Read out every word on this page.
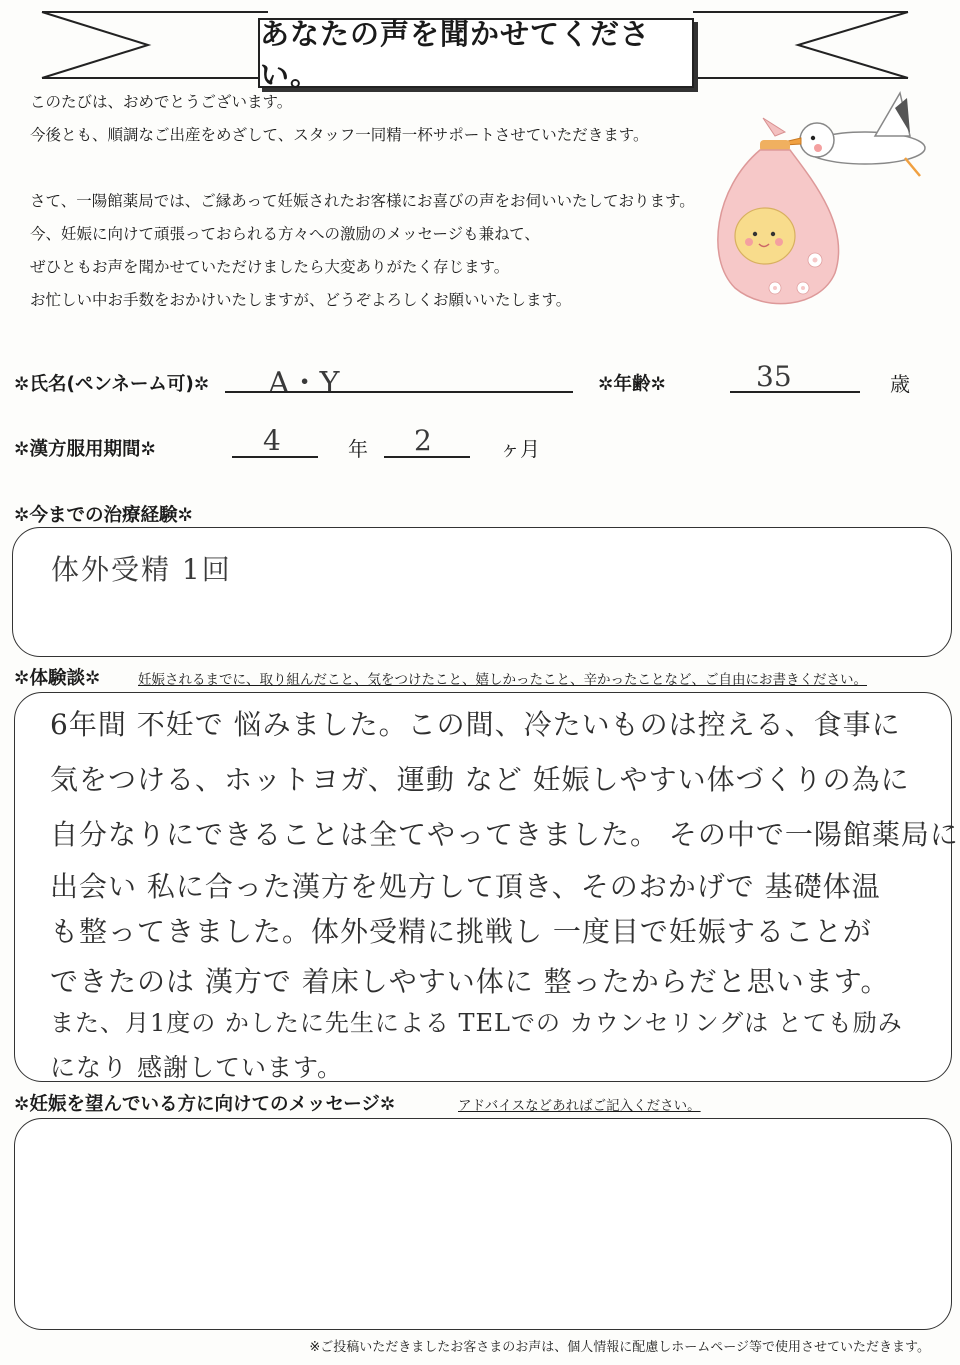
あなたの声を聞かせてください。
このたびは、おめでとうございます。
今後とも、順調なご出産をめざして、スタッフ一同精一杯サポートさせていただきます。
さて、一陽館薬局では、ご縁あって妊娠されたお客様にお喜びの声をお伺いいたしております。
今、妊娠に向けて頑張っておられる方々への激励のメッセージも兼ねて、
ぜひともお声を聞かせていただけましたら大変ありがたく存じます。
お忙しい中お手数をおかけいたしますが、どうぞよろしくお願いいたします。
✲氏名(ペンネーム可)✲ A・Y	✲年齢✲	35	歳
✲漢方服用期間✲	4	年 2	ヶ月
✲今までの治療経験✲
体外受精 1回
✲体験談✲	妊娠されるまでに、取り組んだこと、気をつけたこと、嬉しかったこと、辛かったことなど、ご自由にお書きください。
6年間 不妊で 悩みました。この間、冷たいものは控える、食事に
気をつける、ホットヨガ、運動 など 妊娠しやすい体づくりの為に
自分なりにできることは全てやってきました。 その中で一陽館薬局に
出会い 私に合った漢方を処方して頂き、そのおかげで 基礎体温
も整ってきました。体外受精に挑戦し 一度目で妊娠することが
できたのは 漢方で 着床しやすい体に 整ったからだと思います。
また、月1度の かしたに先生による TELでの カウンセリングは とても励み
になり 感謝しています。
✲妊娠を望んでいる方に向けてのメッセージ✲	アドバイスなどあればご記入ください。
※ご投稿いただきましたお客さまのお声は、個人情報に配慮しホームページ等で使用させていただきます。
